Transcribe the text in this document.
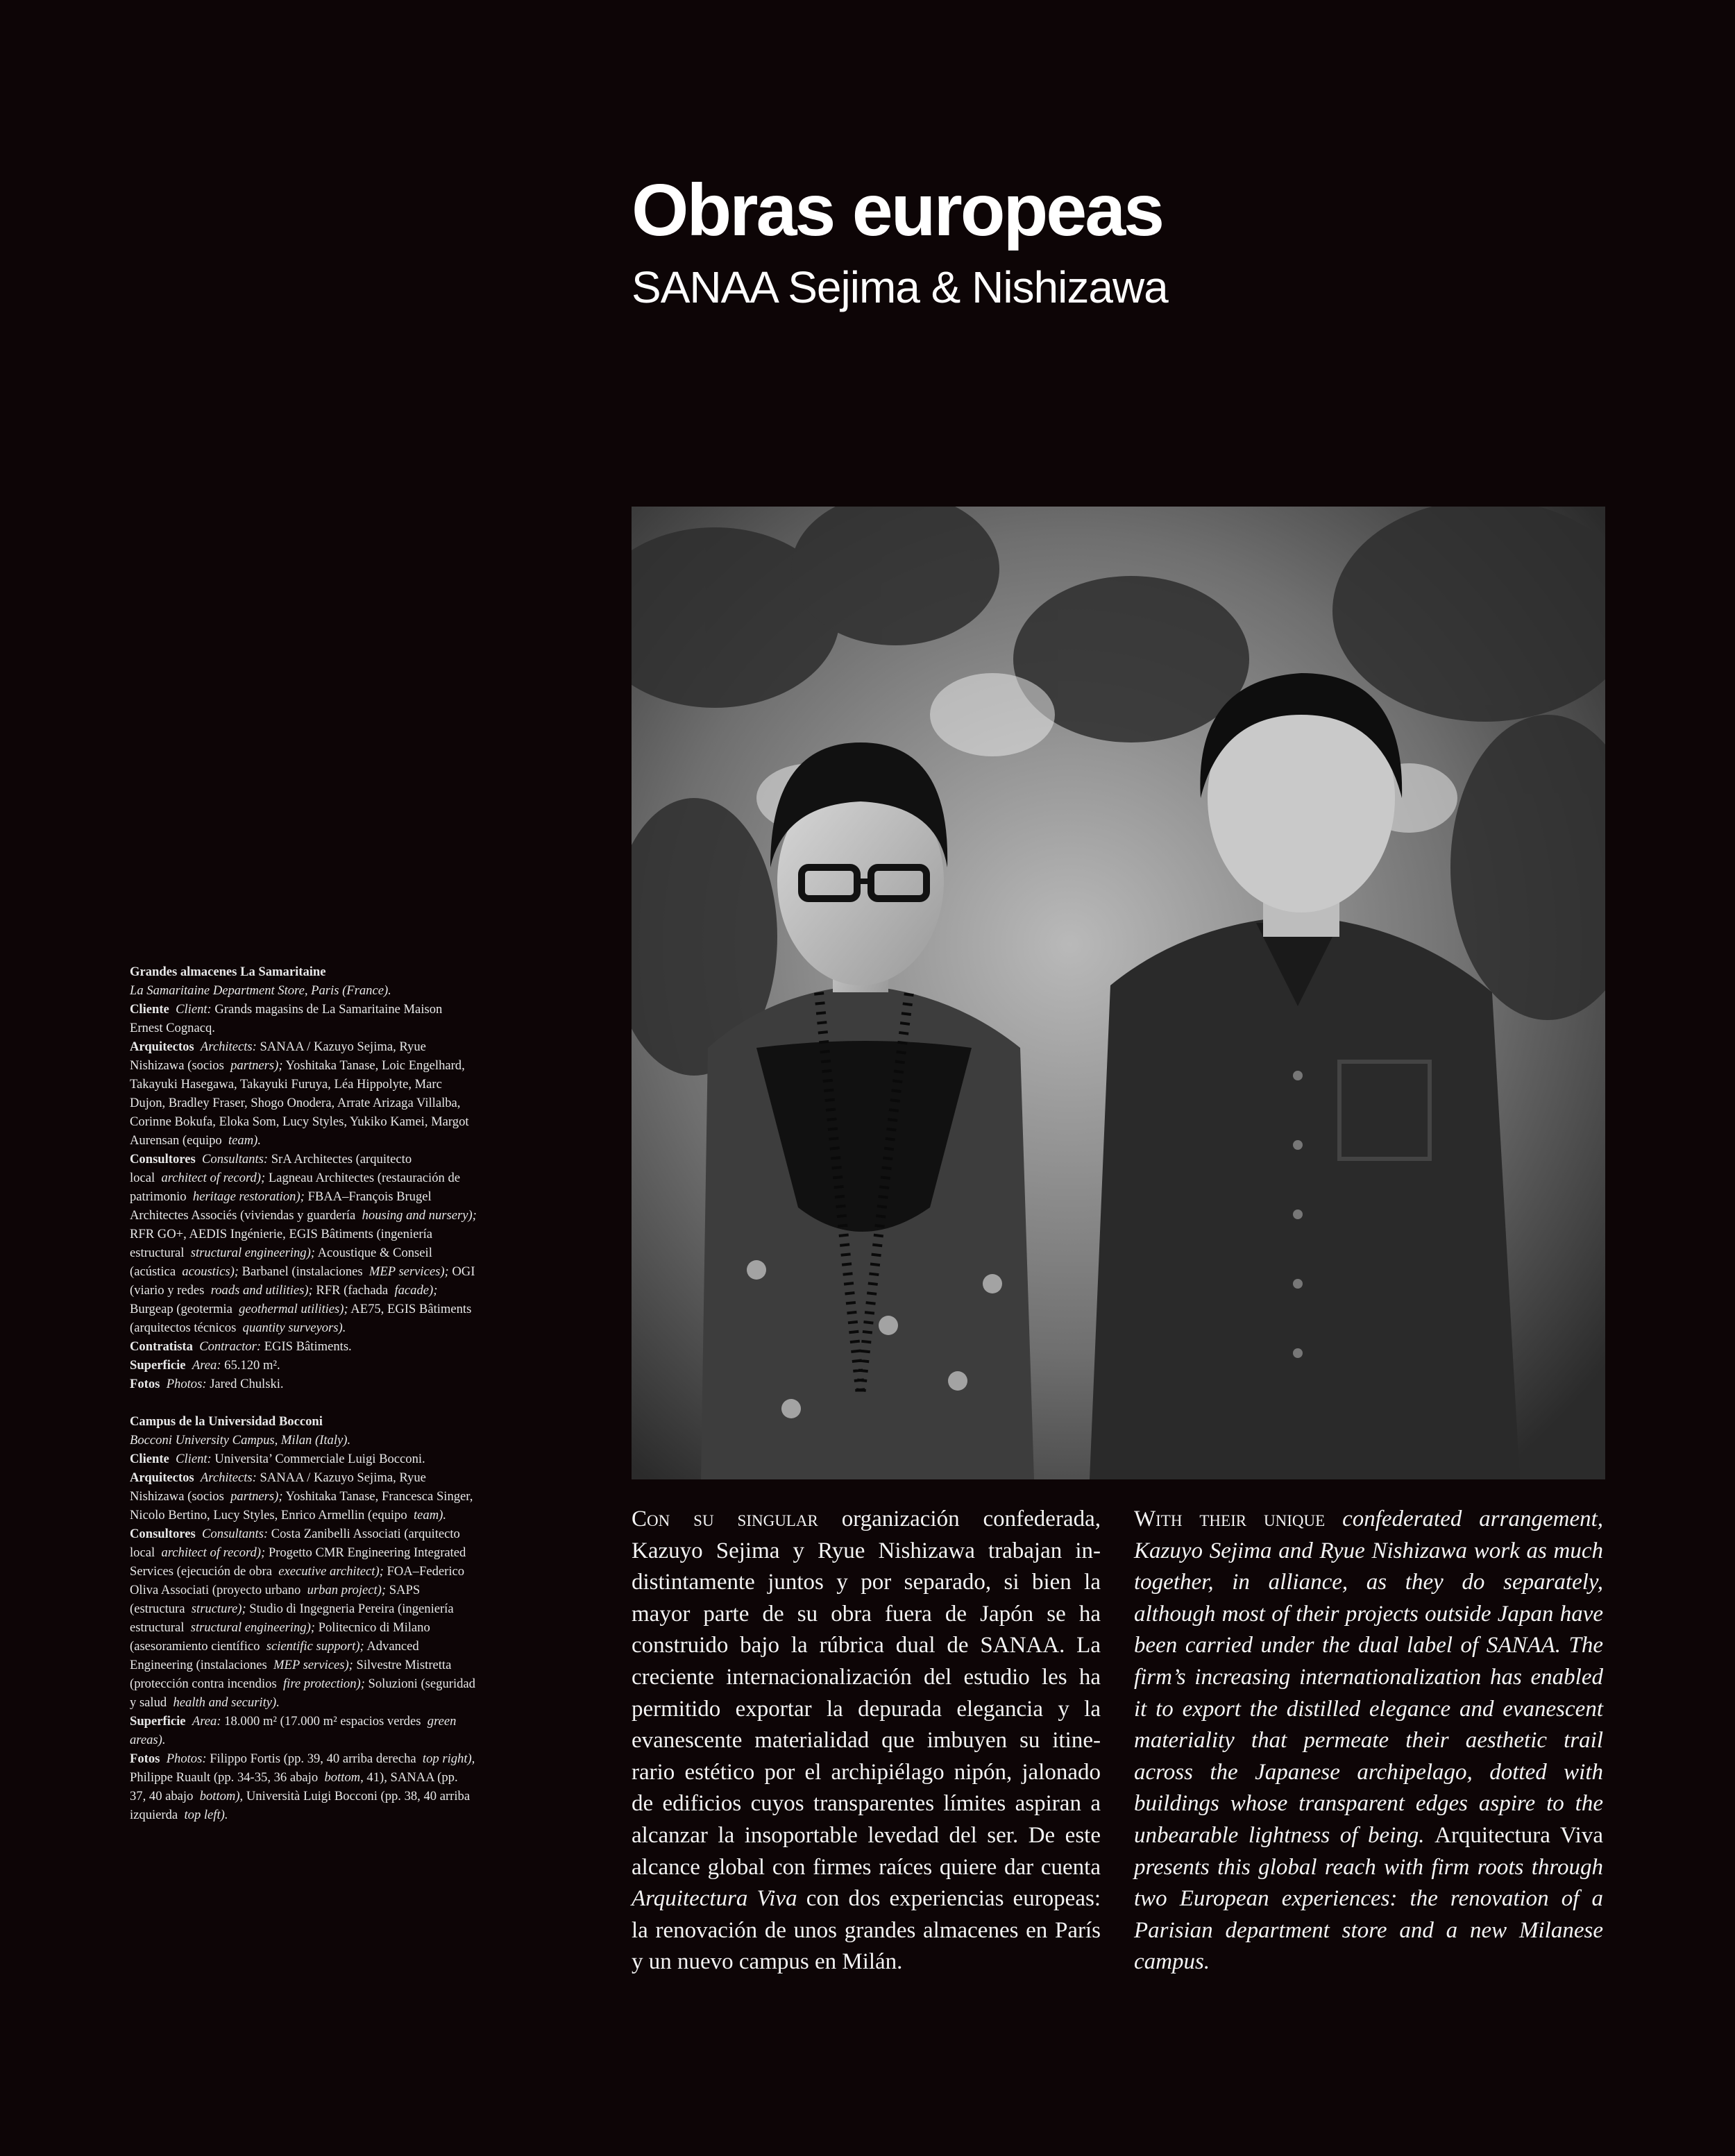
Obras europeas
SANAA Sejima & Nishizawa

Grandes almacenes La Samaritaine

La Samaritaine Department Store, Paris (France).

Cliente Client: Grands magasins de La Samaritaine Maison Ernest Cognacq.

Arquitectos Architects: SANAA / Kazuyo Sejima, Ryue Nishizawa (socios partners); Yoshitaka Tanase, Loic Engelhard, Takayuki Hasegawa, Takayuki Furuya, Léa Hippolyte, Marc Dujon, Bradley Fraser, Shogo Onodera, Arrate Arizaga Villalba, Corinne Bokufa, Eloka Som, Lucy Styles, Yukiko Kamei, Margot Aurensan (equipo team).

Consultores Consultants: SrA Architectes (arquitecto local architect of record); Lagneau Architectes (restauración de patrimonio heritage restoration); FBAA–François Brugel Architectes Associés (viviendas y guardería housing and nursery); RFR GO+, AEDIS Ingénierie, EGIS Bâtiments (ingeniería estructural structural engineering); Acoustique & Conseil (acústica acoustics); Barbanel (instalaciones MEP services); OGI (viario y redes roads and utilities); RFR (fachada facade); Burgeap (geotermia geothermal utilities); AE75, EGIS Bâtiments (arquitectos técnicos quantity surveyors).

Contratista Contractor: EGIS Bâtiments.

Superficie Area: 65.120 m².

Fotos Photos: Jared Chulski.

Campus de la Universidad Bocconi

Bocconi University Campus, Milan (Italy).

Cliente Client: Universita’ Commerciale Luigi Bocconi.

Arquitectos Architects: SANAA / Kazuyo Sejima, Ryue Nishizawa (socios partners); Yoshitaka Tanase, Francesca Singer, Nicolo Bertino, Lucy Styles, Enrico Armellin (equipo team).

Consultores Consultants: Costa Zanibelli Associati (arquitecto local architect of record); Progetto CMR Engineering Integrated Services (ejecución de obra executive architect); FOA–Federico Oliva Associati (proyecto urbano urban project); SAPS (estructura structure); Studio di Ingegneria Pereira (ingeniería estructural structural engineering); Politecnico di Milano (asesoramiento científico scientific support); Advanced Engineering (instalaciones MEP services); Silvestre Mistretta (protección contra incendios fire protection); Soluzioni (seguridad y salud health and security).

Superficie Area: 18.000 m² (17.000 m² espacios verdes green areas).

Fotos Photos: Filippo Fortis (pp. 39, 40 arriba derecha top right), Philippe Ruault (pp. 34-35, 36 abajo bottom, 41), SANAA (pp. 37, 40 abajo bottom), Università Luigi Bocconi (pp. 38, 40 arriba izquierda top left).

Con su singular organización confederada, Kazuyo Sejima y Ryue Nishizawa trabajan indistintamente juntos y por separado, si bien la mayor parte de su obra fuera de Japón se ha construido bajo la rúbrica dual de SANAA. La creciente internacionalización del estudio les ha permitido exportar la depurada elegancia y la evanescente materialidad que imbuyen su itinerario estético por el archipiélago nipón, jalonado de edificios cuyos transparentes límites aspiran a alcanzar la insoportable levedad del ser. De este alcance global con firmes raíces quiere dar cuenta Arquitectura Viva con dos experiencias europeas: la renovación de unos grandes almacenes en París y un nuevo campus en Milán.
With their unique confederated arrangement, Kazuyo Sejima and Ryue Nishizawa work as much together, in alliance, as they do separately, although most of their projects outside Japan have been carried under the dual label of SANAA. The firm’s increasing internationalization has enabled it to export the distilled elegance and evanescent materiality that permeate their aesthetic trail across the Japanese archipelago, dotted with buildings whose transparent edges aspire to the unbearable lightness of being. Arquitectura Viva presents this global reach with firm roots through two European experiences: the renovation of a Parisian department store and a new Milanese campus.
